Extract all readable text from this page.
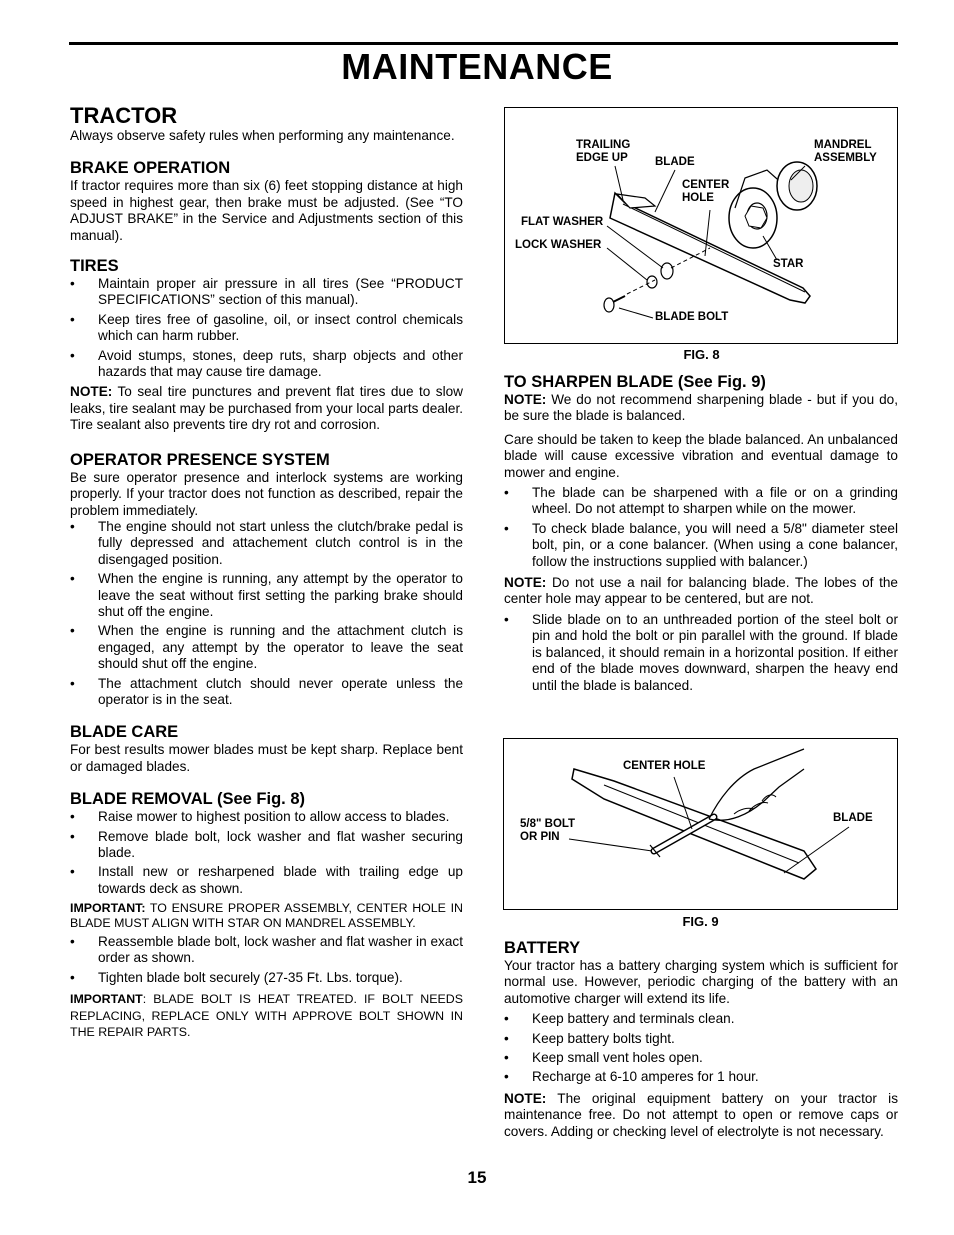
MAINTENANCE
TRACTOR

Always observe safety rules when performing any maintenance.

BRAKE OPERATION

If tractor requires more than six (6) feet stopping distance at high speed in highest gear, then brake must be adjusted. (See “TO ADJUST BRAKE” in the Service and Adjustments section of this manual).

TIRES
• Maintain proper air pressure in all tires (See “PRODUCT SPECIFICATIONS” section of this manual).
• Keep tires free of gasoline, oil, or insect control chemicals which can harm rubber.
• Avoid stumps, stones, deep ruts, sharp objects and other hazards that may cause tire damage.

NOTE: To seal tire punctures and prevent flat tires due to slow leaks, tire sealant may be purchased from your local parts dealer. Tire sealant also prevents tire dry rot and corrosion.

OPERATOR PRESENCE SYSTEM

Be sure operator presence and interlock systems are working properly. If your tractor does not function as described, repair the problem immediately.

• The engine should not start unless the clutch/brake pedal is fully depressed and attachement clutch control is in the disengaged position.
• When the engine is running, any attempt by the operator to leave the seat without first setting the parking brake should shut off the engine.
• When the engine is running and the attachment clutch is engaged, any attempt by the operator to leave the seat should shut off the engine.
• The attachment clutch should never operate unless the operator is in the seat.
BLADE CARE

For best results mower blades must be kept sharp. Replace bent or damaged blades.

BLADE REMOVAL (See Fig. 8)
• Raise mower to highest position to allow access to blades.
• Remove blade bolt, lock washer and flat washer securing blade.
• Install new or resharpened blade with trailing edge up towards deck as shown.

IMPORTANT: TO ENSURE PROPER ASSEMBLY, CENTER HOLE IN BLADE MUST ALIGN WITH STAR ON MANDREL ASSEMBLY.

• Reassemble blade bolt, lock washer and flat washer in exact order as shown.
• Tighten blade bolt securely (27-35 Ft. Lbs. torque).

IMPORTANT: BLADE BOLT IS HEAT TREATED. IF BOLT NEEDS REPLACING, REPLACE ONLY WITH APPROVE BOLT SHOWN IN THE REPAIR PARTS.

TRAILING
EDGE UP BLADE
MANDREL
ASSEMBLY
CENTER
HOLE
FLAT WASHER
LOCK WASHER
STAR
BLADE BOLT
FIG. 8
TO SHARPEN BLADE (See Fig. 9)

NOTE: We do not recommend sharpening blade - but if you do, be sure the blade is balanced.

Care should be taken to keep the blade balanced. An unbalanced blade will cause excessive vibration and eventual damage to mower and engine.

• The blade can be sharpened with a file or on a grinding wheel. Do not attempt to sharpen while on the mower.
• To check blade balance, you will need a 5/8" diameter steel bolt, pin, or a cone balancer. (When using a cone balancer, follow the instructions supplied with balancer.)

NOTE: Do not use a nail for balancing blade. The lobes of the center hole may appear to be centered, but are not.

• Slide blade on to an unthreaded portion of the steel bolt or pin and hold the bolt or pin parallel with the ground. If blade is balanced, it should remain in a horizontal position. If either end of the blade moves downward, sharpen the heavy end until the blade is balanced.
CENTER HOLE
5/8" BOLT
OR PIN
BLADE
FIG. 9
BATTERY

Your tractor has a battery charging system which is sufficient for normal use. However, periodic charging of the battery with an automotive charger will extend its life.

• Keep battery and terminals clean.
• Keep battery bolts tight.
• Keep small vent holes open.
• Recharge at 6-10 amperes for 1 hour.

NOTE: The original equipment battery on your tractor is maintenance free. Do not attempt to open or remove caps or covers. Adding or checking level of electrolyte is not necessary.

15
